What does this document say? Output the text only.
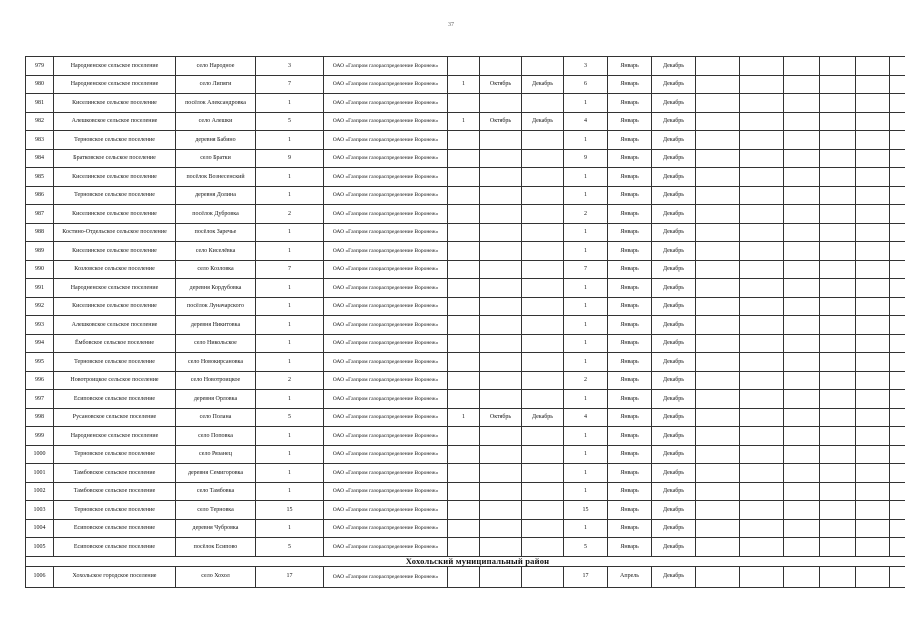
37
979	Народненское сельское поселение	село Народное	3	ОАО «Газпром газораспределение Воронеж»				3	Январь	Декабрь						
980	Народненское сельское поселение	село Липяги	7	ОАО «Газпром газораспределение Воронеж»	1	Октябрь	Декабрь	6	Январь	Декабрь						
981	Киселинское сельское поселение	посёлок Александровка	1	ОАО «Газпром газораспределение Воронеж»				1	Январь	Декабрь						
982	Алешковское сельское поселение	село Алешки	5	ОАО «Газпром газораспределение Воронеж»	1	Октябрь	Декабрь	4	Январь	Декабрь						
983	Терновское сельское поселение	деревня Бабино	1	ОАО «Газпром газораспределение Воронеж»				1	Январь	Декабрь						
984	Братковское сельское поселение	село Братки	9	ОАО «Газпром газораспределение Воронеж»				9	Январь	Декабрь						
985	Киселинское сельское поселение	посёлок Вознесенский	1	ОАО «Газпром газораспределение Воронеж»				1	Январь	Декабрь						
986	Терновское сельское поселение	деревня Долина	1	ОАО «Газпром газораспределение Воронеж»				1	Январь	Декабрь						
987	Киселинское сельское поселение	посёлок Дубровка	2	ОАО «Газпром газораспределение Воронеж»				2	Январь	Декабрь						
988	Костино-Отдельское сельское поселение	посёлок Заречье	1	ОАО «Газпром газораспределение Воронеж»				1	Январь	Декабрь						
989	Киселинское сельское поселение	село Киселёвка	1	ОАО «Газпром газораспределение Воронеж»				1	Январь	Декабрь						
990	Козловское сельское поселение	село Козловка	7	ОАО «Газпром газораспределение Воронеж»				7	Январь	Декабрь						
991	Народненское сельское поселение	деревня Кордубовка	1	ОАО «Газпром газораспределение Воронеж»				1	Январь	Декабрь						
992	Киселинское сельское поселение	посёлок Луначарского	1	ОАО «Газпром газораспределение Воронеж»				1	Январь	Декабрь						
993	Алешковское сельское поселение	деревня Никитовка	1	ОАО «Газпром газораспределение Воронеж»				1	Январь	Декабрь						
994	Ёмбовское сельское поселение	село Никольское	1	ОАО «Газпром газораспределение Воронеж»				1	Январь	Декабрь						
995	Терновское сельское поселение	село Новокирсановка	1	ОАО «Газпром газораспределение Воронеж»				1	Январь	Декабрь						
996	Новотроицкое сельское поселение	село Новотроицкое	2	ОАО «Газпром газораспределение Воронеж»				2	Январь	Декабрь						
997	Есиповское сельское поселение	деревня Орловка	1	ОАО «Газпром газораспределение Воронеж»				1	Январь	Декабрь						
998	Русановское сельское поселение	село Полана	5	ОАО «Газпром газораспределение Воронеж»	1	Октябрь	Декабрь	4	Январь	Декабрь						
999	Народненское сельское поселение	село Поповка	1	ОАО «Газпром газораспределение Воронеж»				1	Январь	Декабрь						
1000	Терновское сельское поселение	село Рязанец	1	ОАО «Газпром газораспределение Воронеж»				1	Январь	Декабрь						
1001	Тамбовское сельское поселение	деревня Семигоровка	1	ОАО «Газпром газораспределение Воронеж»				1	Январь	Декабрь						
1002	Тамбовское сельское поселение	село Тамбовка	1	ОАО «Газпром газораспределение Воронеж»				1	Январь	Декабрь						
1003	Терновское сельское поселение	село Терновка	15	ОАО «Газпром газораспределение Воронеж»				15	Январь	Декабрь						
1004	Есиповское сельское поселение	деревня Чубровка	1	ОАО «Газпром газораспределение Воронеж»				1	Январь	Декабрь						
1005	Есиповское сельское поселение	посёлок Есипово	5	ОАО «Газпром газораспределение Воронеж»				5	Январь	Декабрь						
Хохольский муниципальный район																
1006	Хохольское городское поселение	село Хохол	17	ОАО «Газпром газораспределение Воронеж»				17	Апрель	Декабрь						
